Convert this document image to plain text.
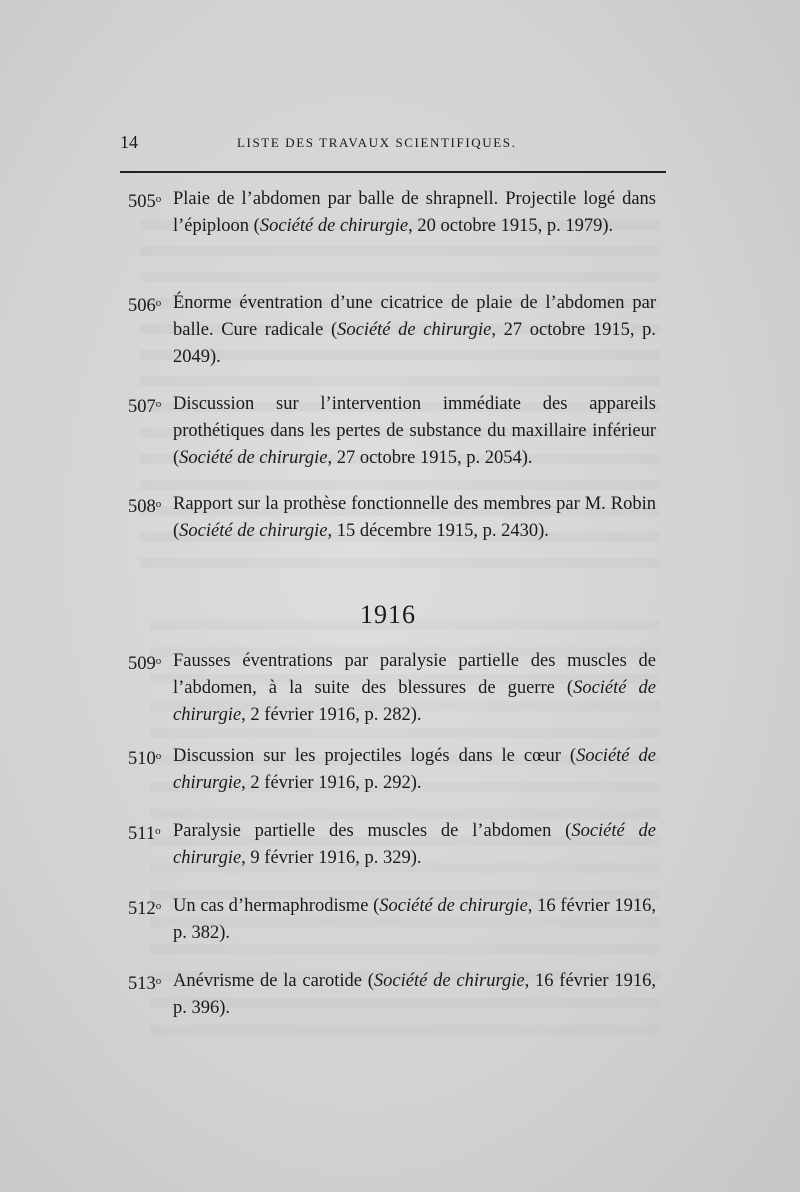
14	LISTE DES TRAVAUX SCIENTIFIQUES.
505$^o$ Plaie de l’abdomen par balle de shrapnell. Projectile logé dans l’épiploon (Société de chirurgie, 20 octobre 1915, p. 1979).
506$^o$ Énorme éventration d’une cicatrice de plaie de l’abdomen par balle. Cure radicale (Société de chirurgie, 27 octobre 1915, p. 2049).
507$^o$ Discussion sur l’intervention immédiate des appareils prothétiques dans les pertes de substance du maxillaire inférieur (Société de chirurgie, 27 octobre 1915, p. 2054).
508$^o$ Rapport sur la prothèse fonctionnelle des membres par M. Robin (Société de chirurgie, 15 décembre 1915, p. 2430).
1916
509$^o$ Fausses éventrations par paralysie partielle des muscles de l’abdomen, à la suite des blessures de guerre (Société de chirurgie, 2 février 1916, p. 282).
510$^o$ Discussion sur les projectiles logés dans le cœur (Société de chirurgie, 2 février 1916, p. 292).
511$^o$ Paralysie partielle des muscles de l’abdomen (Société de chirurgie, 9 février 1916, p. 329).
512$^o$ Un cas d’hermaphrodisme (Société de chirurgie, 16 février 1916, p. 382).
513$^o$ Anévrisme de la carotide (Société de chirurgie, 16 février 1916, p. 396).
